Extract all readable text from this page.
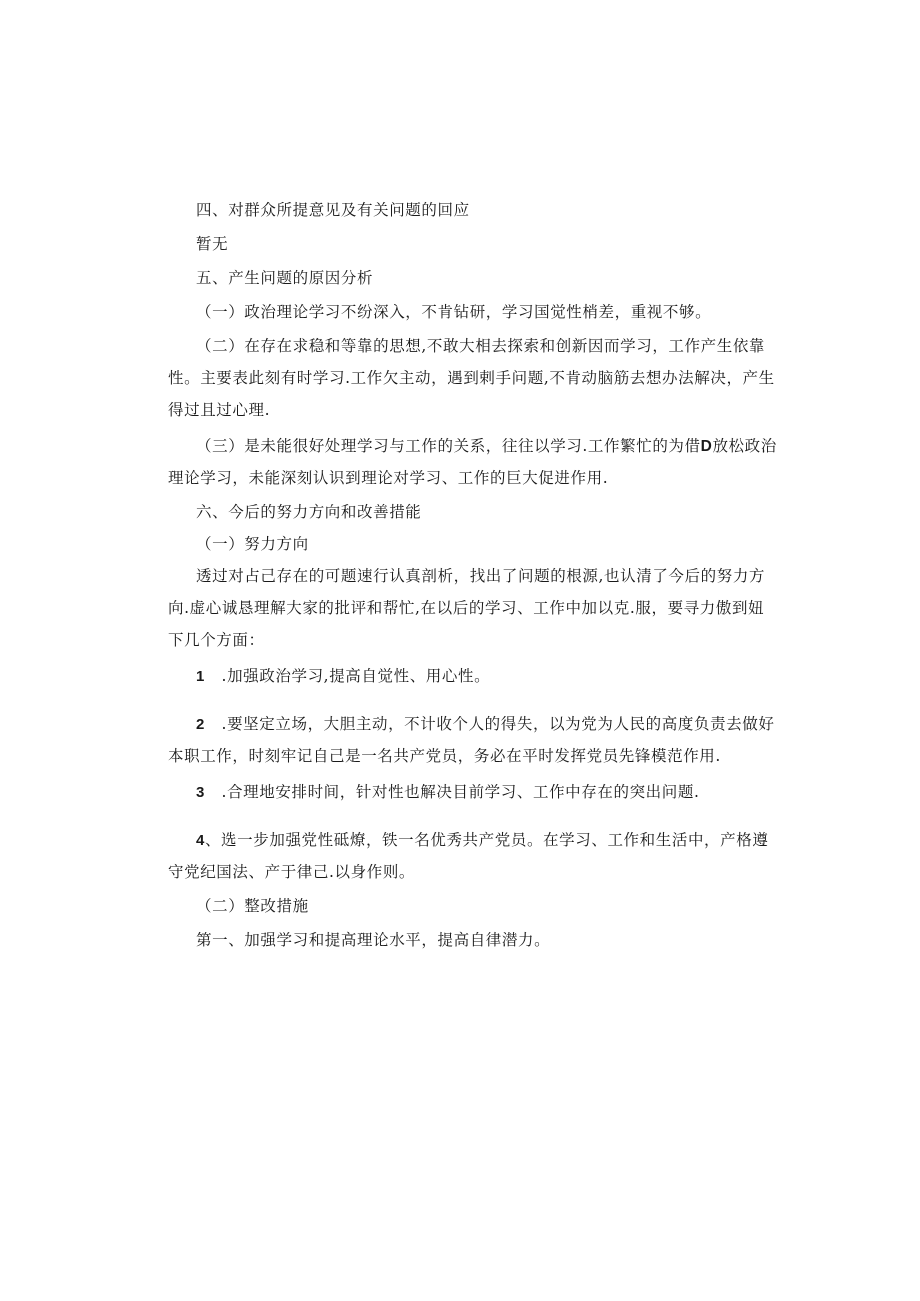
四、对群众所提意见及有关问题的回应
暂无
五、产生问题的原因分析
（一）政治理论学习不纷深入，不肯钻研，学习国觉性梢差，重视不够。
（二）在存在求稳和等靠的思想,不敢大相去探索和创新因而学习，工作产生依靠
性。主要表此刻有时学习.工作欠主动，遇到剌手问题,不肯动脑筋去想办法解决，产生
得过且过心理.
（三）是未能很好处理学习与工作的关系，往往以学习.工作繁忙的为借D放松政治
理论学习，未能深刻认识到理论对学习、工作的巨大促进作用.
六、今后的努力方向和改善措能
（一）努力方向
透过对占己存在的可题速行认真剖析，找出了问题的根源,也认清了今后的努力方
向.虚心诚恳理解大家的批评和帮忙,在以后的学习、工作中加以克.服，要寻力傲到妞
下几个方面：
1 .加强政治学习,提高自觉性、用心性。
2 .要坚定立场，大胆主动，不计收个人的得失，以为党为人民的高度负责去做好
本职工作，时刻牢记自己是一名共产党员，务必在平时发挥党员先锋模范作用.
3 .合理地安排时间，针对性也解决目前学习、工作中存在的突出问题.
4、选一步加强党性砥燎，铁一名优秀共产党员。在学习、工作和生活中，产格遵
守党纪国法、产于律己.以身作则。
（二）整改措施
第一、加强学习和提高理论水平，提高自律潜力。
